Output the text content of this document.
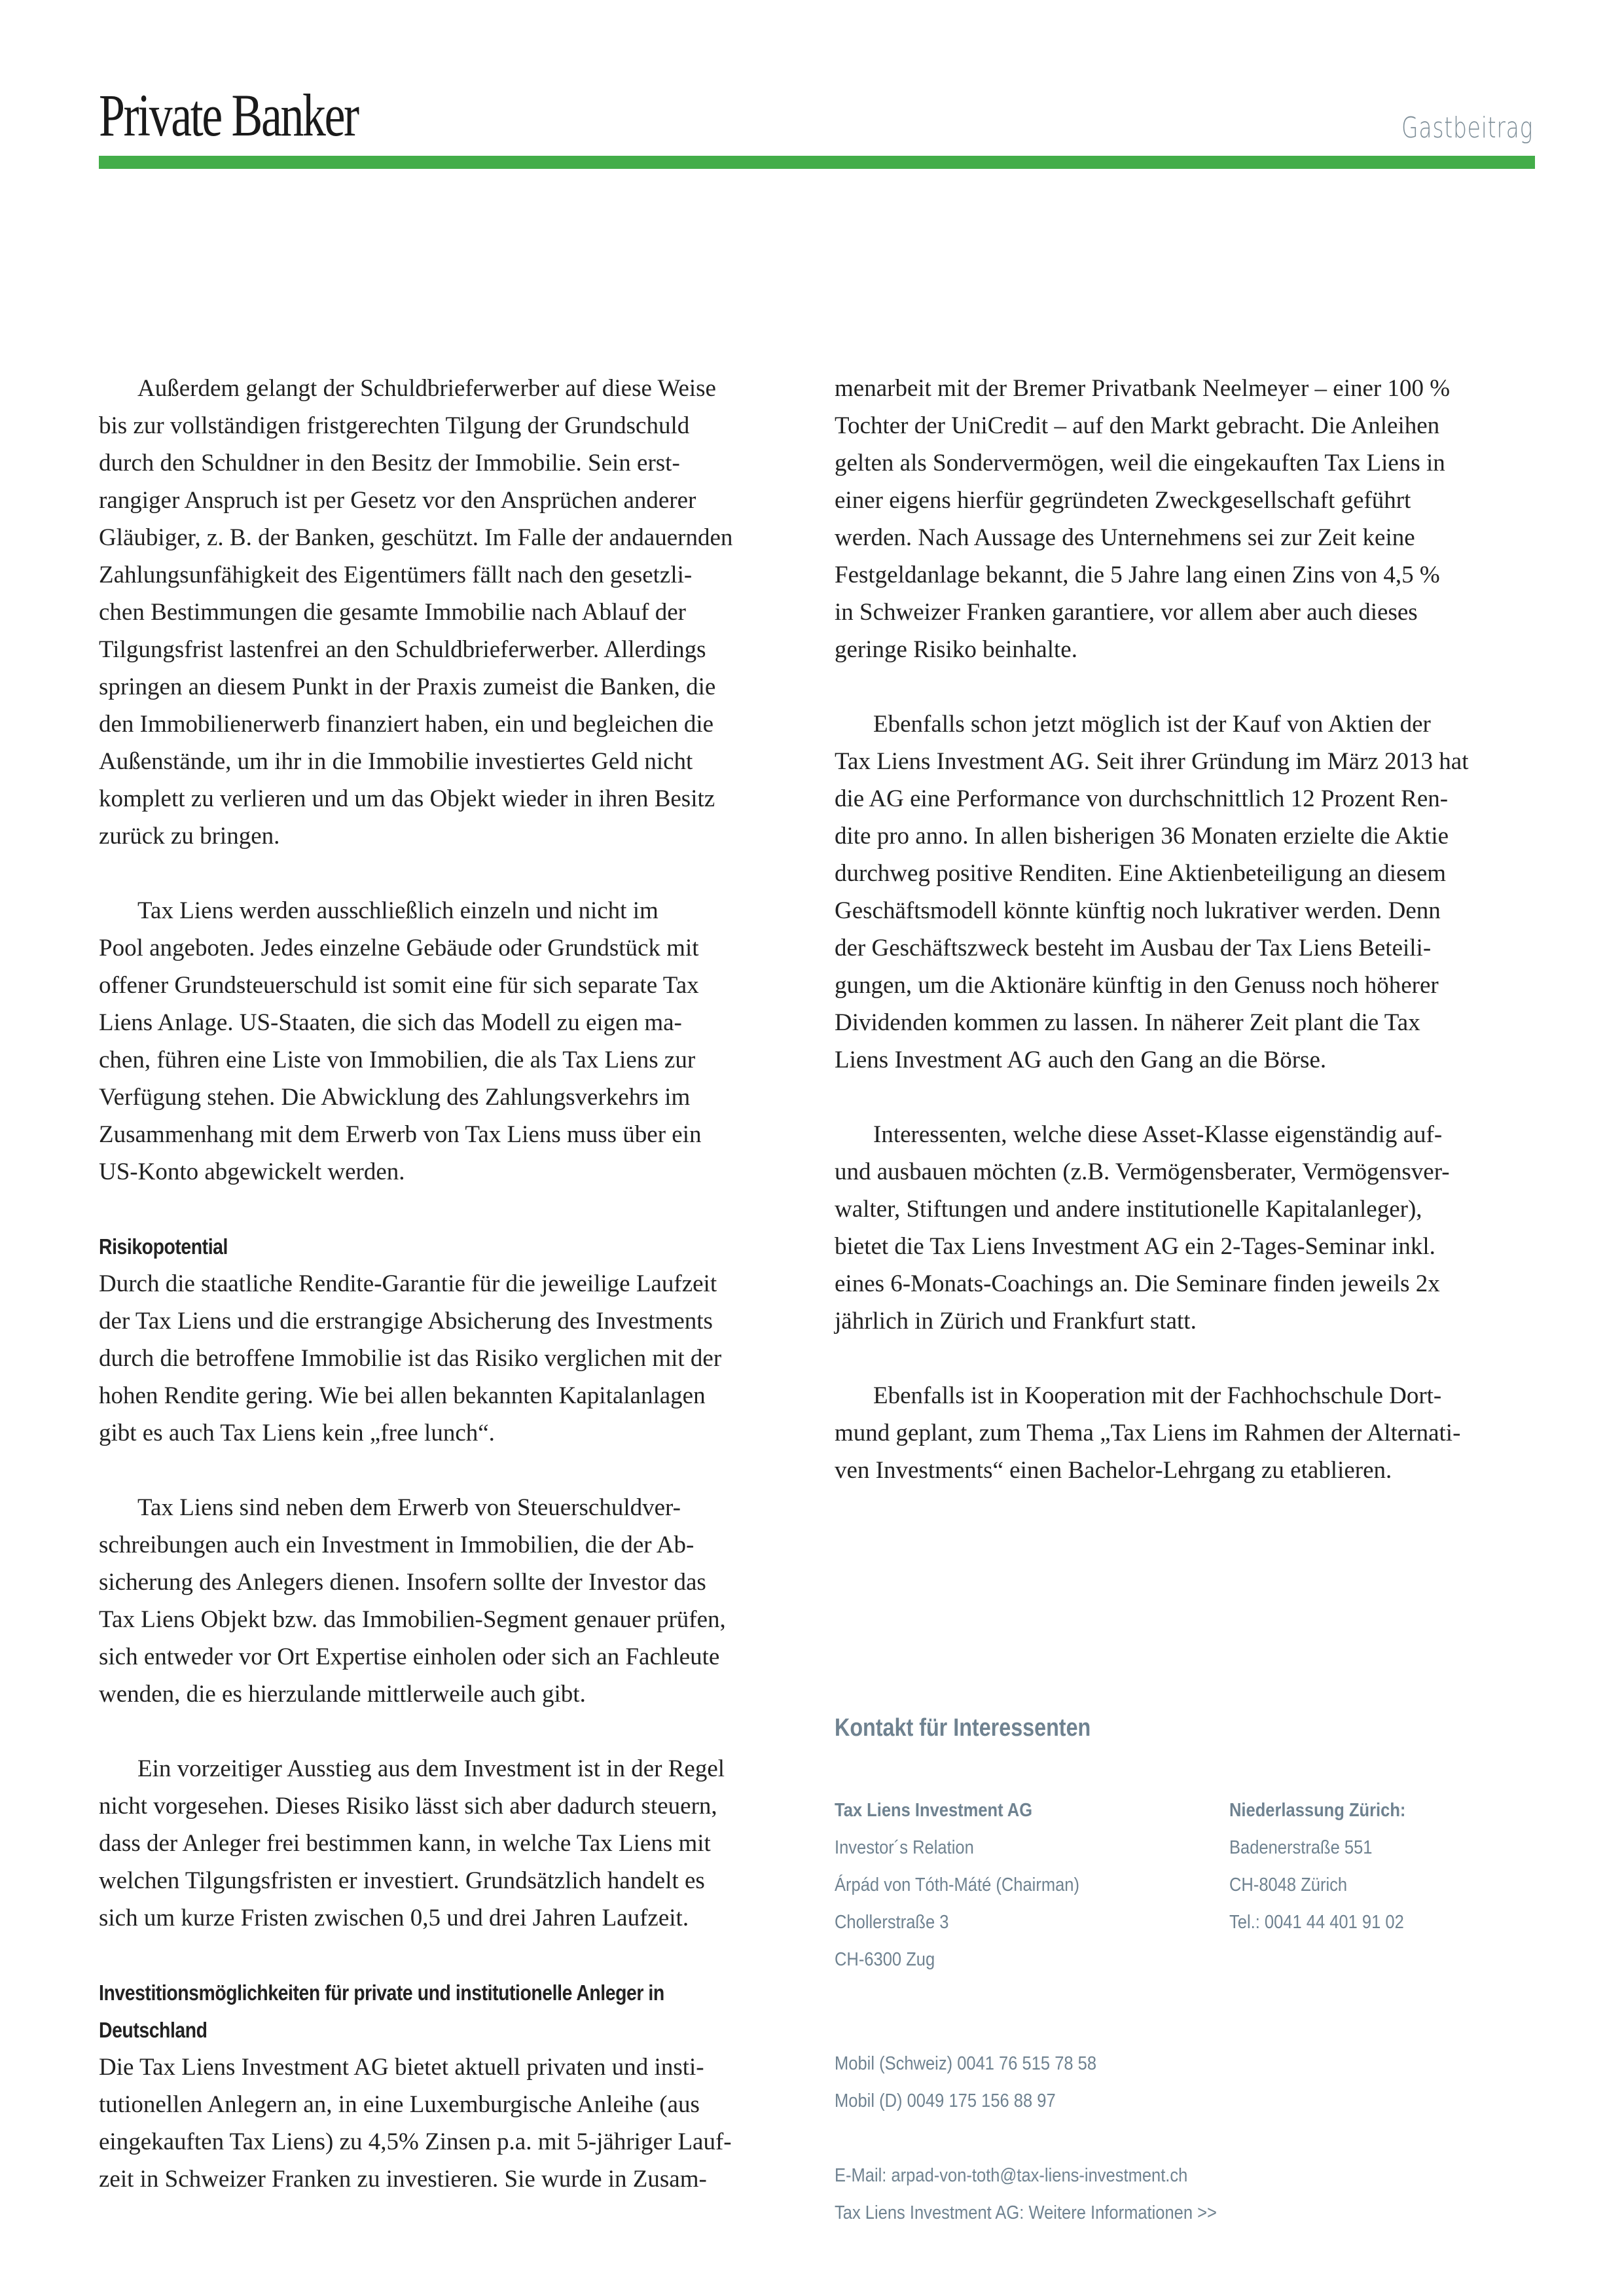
Private Banker	Gastbeitrag
Außerdem gelangt der Schuldbrieferwerber auf diese Weise
bis zur vollständigen fristgerechten Tilgung der Grundschuld
durch den Schuldner in den Besitz der Immobilie. Sein erst-
rangiger Anspruch ist per Gesetz vor den Ansprüchen anderer
Gläubiger, z. B. der Banken, geschützt. Im Falle der andauernden
Zahlungsunfähigkeit des Eigentümers fällt nach den gesetzli-
chen Bestimmungen die gesamte Immobilie nach Ablauf der
Tilgungsfrist lastenfrei an den Schuldbrieferwerber. Allerdings
springen an diesem Punkt in der Praxis zumeist die Banken, die
den Immobilienerwerb finanziert haben, ein und begleichen die
Außenstände, um ihr in die Immobilie investiertes Geld nicht
komplett zu verlieren und um das Objekt wieder in ihren Besitz
zurück zu bringen.
Tax Liens werden ausschließlich einzeln und nicht im
Pool angeboten. Jedes einzelne Gebäude oder Grundstück mit
offener Grundsteuerschuld ist somit eine für sich separate Tax
Liens Anlage. US-Staaten, die sich das Modell zu eigen ma-
chen, führen eine Liste von Immobilien, die als Tax Liens zur
Verfügung stehen. Die Abwicklung des Zahlungsverkehrs im
Zusammenhang mit dem Erwerb von Tax Liens muss über ein
US-Konto abgewickelt werden.
Risikopotential
Durch die staatliche Rendite-Garantie für die jeweilige Laufzeit
der Tax Liens und die erstrangige Absicherung des Investments
durch die betroffene Immobilie ist das Risiko verglichen mit der
hohen Rendite gering. Wie bei allen bekannten Kapitalanlagen
gibt es auch Tax Liens kein „free lunch“.
Tax Liens sind neben dem Erwerb von Steuerschuldver-
schreibungen auch ein Investment in Immobilien, die der Ab-
sicherung des Anlegers dienen. Insofern sollte der Investor das
Tax Liens Objekt bzw. das Immobilien-Segment genauer prüfen,
sich entweder vor Ort Expertise einholen oder sich an Fachleute
wenden, die es hierzulande mittlerweile auch gibt.
Ein vorzeitiger Ausstieg aus dem Investment ist in der Regel
nicht vorgesehen. Dieses Risiko lässt sich aber dadurch steuern,
dass der Anleger frei bestimmen kann, in welche Tax Liens mit
welchen Tilgungsfristen er investiert. Grundsätzlich handelt es
sich um kurze Fristen zwischen 0,5 und drei Jahren Laufzeit.
Investitionsmöglichkeiten für private und institutionelle Anleger in
Deutschland
Die Tax Liens Investment AG bietet aktuell privaten und insti-
tutionellen Anlegern an, in eine Luxemburgische Anleihe (aus
eingekauften Tax Liens) zu 4,5% Zinsen p.a. mit 5-jähriger Lauf-
zeit in Schweizer Franken zu investieren. Sie wurde in Zusam-
menarbeit mit der Bremer Privatbank Neelmeyer – einer 100 %
Tochter der UniCredit – auf den Markt gebracht. Die Anleihen
gelten als Sondervermögen, weil die eingekauften Tax Liens in
einer eigens hierfür gegründeten Zweckgesellschaft geführt
werden. Nach Aussage des Unternehmens sei zur Zeit keine
Festgeldanlage bekannt, die 5 Jahre lang einen Zins von 4,5 %
in Schweizer Franken garantiere, vor allem aber auch dieses
geringe Risiko beinhalte.
Ebenfalls schon jetzt möglich ist der Kauf von Aktien der
Tax Liens Investment AG. Seit ihrer Gründung im März 2013 hat
die AG eine Performance von durchschnittlich 12 Prozent Ren-
dite pro anno. In allen bisherigen 36 Monaten erzielte die Aktie
durchweg positive Renditen. Eine Aktienbeteiligung an diesem
Geschäftsmodell könnte künftig noch lukrativer werden. Denn
der Geschäftszweck besteht im Ausbau der Tax Liens Beteili-
gungen, um die Aktionäre künftig in den Genuss noch höherer
Dividenden kommen zu lassen. In näherer Zeit plant die Tax
Liens Investment AG auch den Gang an die Börse.
Interessenten, welche diese Asset-Klasse eigenständig auf-
und ausbauen möchten (z.B. Vermögensberater, Vermögensver-
walter, Stiftungen und andere institutionelle Kapitalanleger),
bietet die Tax Liens Investment AG ein 2-Tages-Seminar inkl.
eines 6-Monats-Coachings an. Die Seminare finden jeweils 2x
jährlich in Zürich und Frankfurt statt.
Ebenfalls ist in Kooperation mit der Fachhochschule Dort-
mund geplant, zum Thema „Tax Liens im Rahmen der Alternati-
ven Investments“ einen Bachelor-Lehrgang zu etablieren.
Kontakt für Interessenten
Tax Liens Investment AG
Investor´s Relation
Árpád von Tóth-Máté (Chairman)
Chollerstraße 3
CH-6300 Zug
Niederlassung Zürich:
Badenerstraße 551
CH-8048 Zürich
Tel.: 0041 44 401 91 02
Mobil (Schweiz) 0041 76 515 78 58
Mobil (D) 0049 175 156 88 97
E-Mail: arpad-von-toth@tax-liens-investment.ch
Tax Liens Investment AG: Weitere Informationen >>
